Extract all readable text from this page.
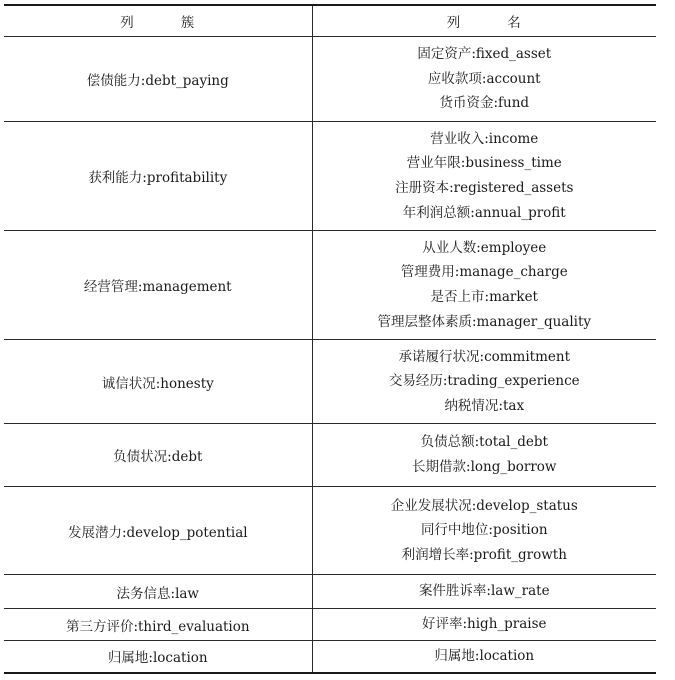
列 簇	列 名
偿债能力:debt_paying	固定资产:fixed_asset
应收款项:account
货币资金:fund

获利能力:profitability	营业收入:income
营业年限:business_time
注册资本:registered_assets
年利润总额:annual_profit

经营管理:management	从业人数:employee
管理费用:manage_charge
是否上市:market
管理层整体素质:manager_quality

诚信状况:honesty	承诺履行状况:commitment
交易经历:trading_experience
纳税情况:tax

负债状况:debt	负债总额:total_debt
长期借款:long_borrow

发展潜力:develop_potential	企业发展状况:develop_status
同行中地位:position
利润增长率:profit_growth

法务信息:law	案件胜诉率:law_rate

第三方评价:third_evaluation	好评率:high_praise

归属地:location	归属地:location
